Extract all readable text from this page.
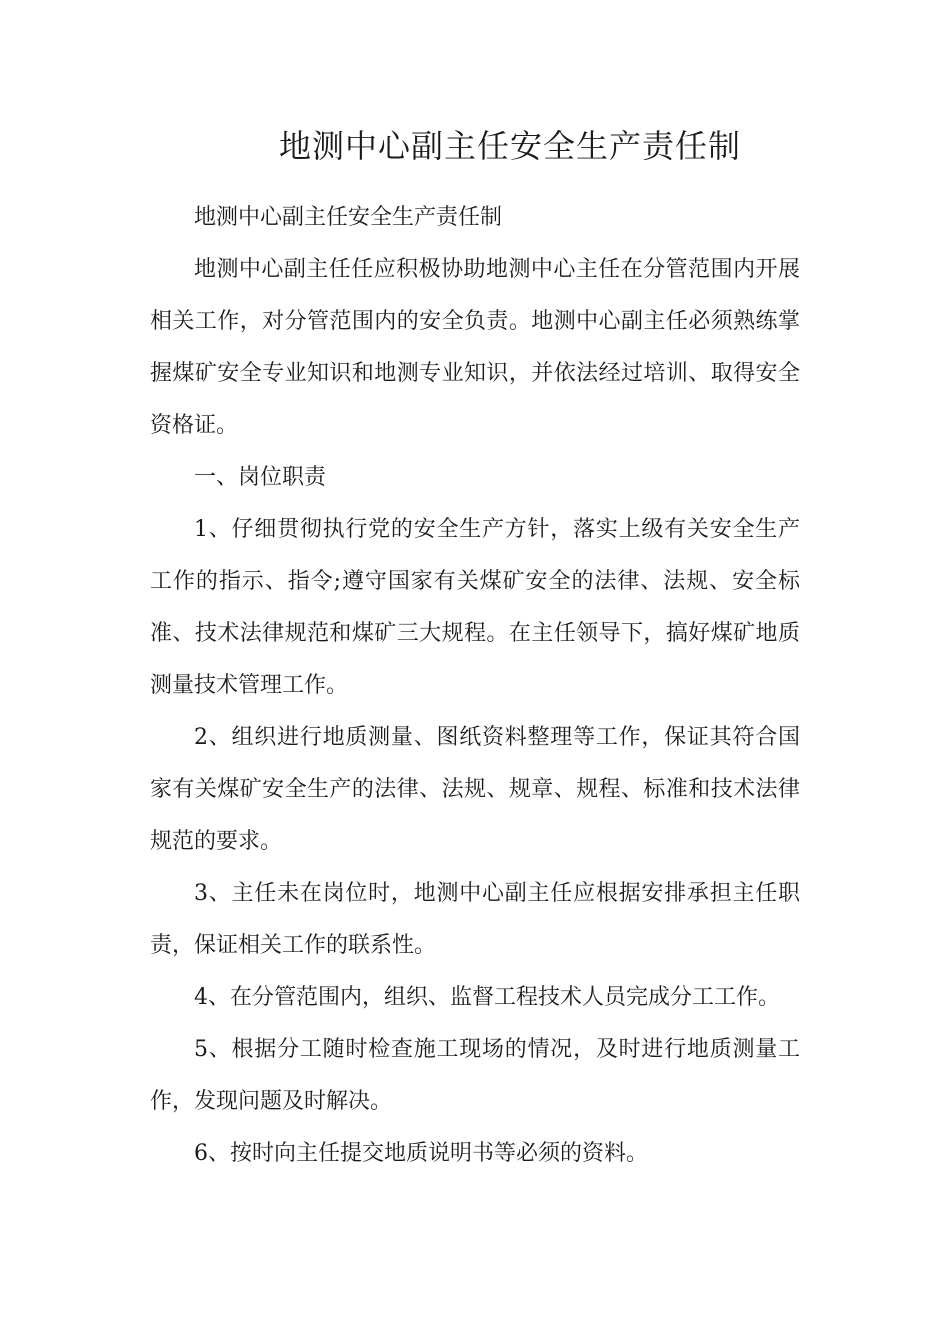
地测中心副主任安全生产责任制

地测中心副主任安全生产责任制

地测中心副主任任应积极协助地测中心主任在分管范围内开展相关工作，对分管范围内的安全负责。地测中心副主任必须熟练掌握煤矿安全专业知识和地测专业知识，并依法经过培训、取得安全资格证。

一、岗位职责

1、仔细贯彻执行党的安全生产方针，落实上级有关安全生产工作的指示、指令;遵守国家有关煤矿安全的法律、法规、安全标准、技术法律规范和煤矿三大规程。在主任领导下，搞好煤矿地质测量技术管理工作。

2、组织进行地质测量、图纸资料整理等工作，保证其符合国家有关煤矿安全生产的法律、法规、规章、规程、标准和技术法律规范的要求。

3、主任未在岗位时，地测中心副主任应根据安排承担主任职责，保证相关工作的联系性。

4、在分管范围内，组织、监督工程技术人员完成分工工作。

5、根据分工随时检查施工现场的情况，及时进行地质测量工作，发现问题及时解决。

6、按时向主任提交地质说明书等必须的资料。
